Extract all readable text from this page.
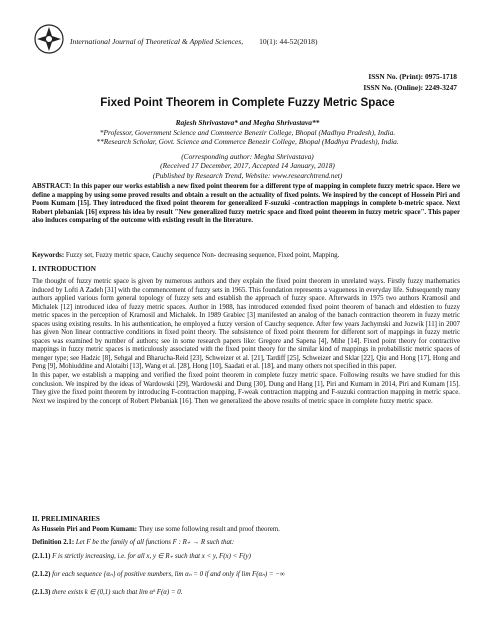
International Journal of Theoretical & Applied Sciences, 10(1): 44-52(2018)
ISSN No. (Print): 0975-1718
ISSN No. (Online): 2249-3247
Fixed Point Theorem in Complete Fuzzy Metric Space
Rajesh Shrivastava* and Megha Shrivastava**
*Professor, Government Science and Commerce Benezir College, Bhopal (Madhya Pradesh), India.
**Research Scholar, Govt. Science and Commerce Benezir College, Bhopal (Madhya Pradesh), India.
(Corresponding author: Megha Shrivastava)
(Received 17 December, 2017, Accepted 14 January, 2018)
(Published by Research Trend, Website: www.researchtrend.net)
ABSTRACT: In this paper our works establish a new fixed point theorem for a different type of mapping in complete fuzzy metric space. Here we define a mapping by using some proved results and obtain a result on the actuality of fixed points. We inspired by the concept of Hossein Piri and Poom Kumam [15]. They introduced the fixed point theorem for generalized F-suzuki -contraction mappings in complete b-metric space. Next Robert plebaniak [16] express his idea by result "New generalized fuzzy metric space and fixed point theorem in fuzzy metric space". This paper also induces comparing of the outcome with existing result in the literature.
Keywords: Fuzzy set, Fuzzy metric space, Cauchy sequence Non- decreasing sequence, Fixed point, Mapping.
I. INTRODUCTION

The thought of fuzzy metric space is given by numerous authors and they explain the fixed point theorem in unrelated ways. Firstly fuzzy mathematics induced by Lofti A Zadeh [31] with the commencement of fuzzy sets in 1965. This foundation represents a vagueness in everyday life. Subsequently many authors applied various form general topology of fuzzy sets and establish the approach of fuzzy space. Afterwards in 1975 two authors Kramosil and Michalek [12] introduced idea of fuzzy metric spaces. Author in 1988, has introduced extended fixed point theorem of banach and eldestien to fuzzy metric spaces in the perception of Kramosil and Michalek. In 1989 Grabiec [3] manifested an analog of the banach contraction theorem in fuzzy metric spaces using existing results. In his authentication, he employed a fuzzy version of Cauchy sequence. After few years Jachymski and Jozwik [11] in 2007 has given Non linear contractive conditions in fixed point theory. The subsistence of fixed point theorem for different sort of mappings in fuzzy metric spaces was examined by number of authors; see in some research papers like: Gregore and Sapena [4], Mihe [14]. Fixed point theory for contractive mappings in fuzzy metric spaces is meticulously associated with the fixed point theory for the similar kind of mappings in probabilistic metric spaces of menger type; see Hadzic [8], Sehgal and Bharucha-Reid [23], Schweizer et al. [21], Tardiff [25], Schweizer and Sklar [22], Qiu and Hong [17], Hong and Peng [9], Mohiuddine and Alotaibi [13], Wang et al. [28], Hong [10], Saadati et al. [18], and many others not specified in this paper.

In this paper, we establish a mapping and verified the fixed point theorem in complete fuzzy metric space. Following results we have studied for this conclusion. We inspired by the ideas of Wardowski [29], Wardowski and Dung [30], Dung and Hang [1], Piri and Kumam in 2014, Piri and Kumam [15]. They give the fixed point theorem by introducing F-contraction mapping, F-weak contraction mapping and F-suzuki contraction mapping in metric space. Next we inspired by the concept of Robert Plebaniak [16]. Then we generalized the above results of metric space in complete fuzzy metric space.

II. PRELIMINARIES
As Hussein Piri and Poom Kumam: They use some following result and proof theorem.
Definition 2.1: Let F be the family of all functions F : R₊ → R such that:
(2.1.1) F is strictly increasing, i.e. for all x, y ∈ R₊ such that x < y, F(x) < F(y)
(2.1.2) for each sequence {αₙ} of positive numbers, lim αₙ = 0 if and only if lim F(αₙ) = −∞
(2.1.3) there exists k ∈ (0,1) such that lim αᵏ F(α) = 0.
